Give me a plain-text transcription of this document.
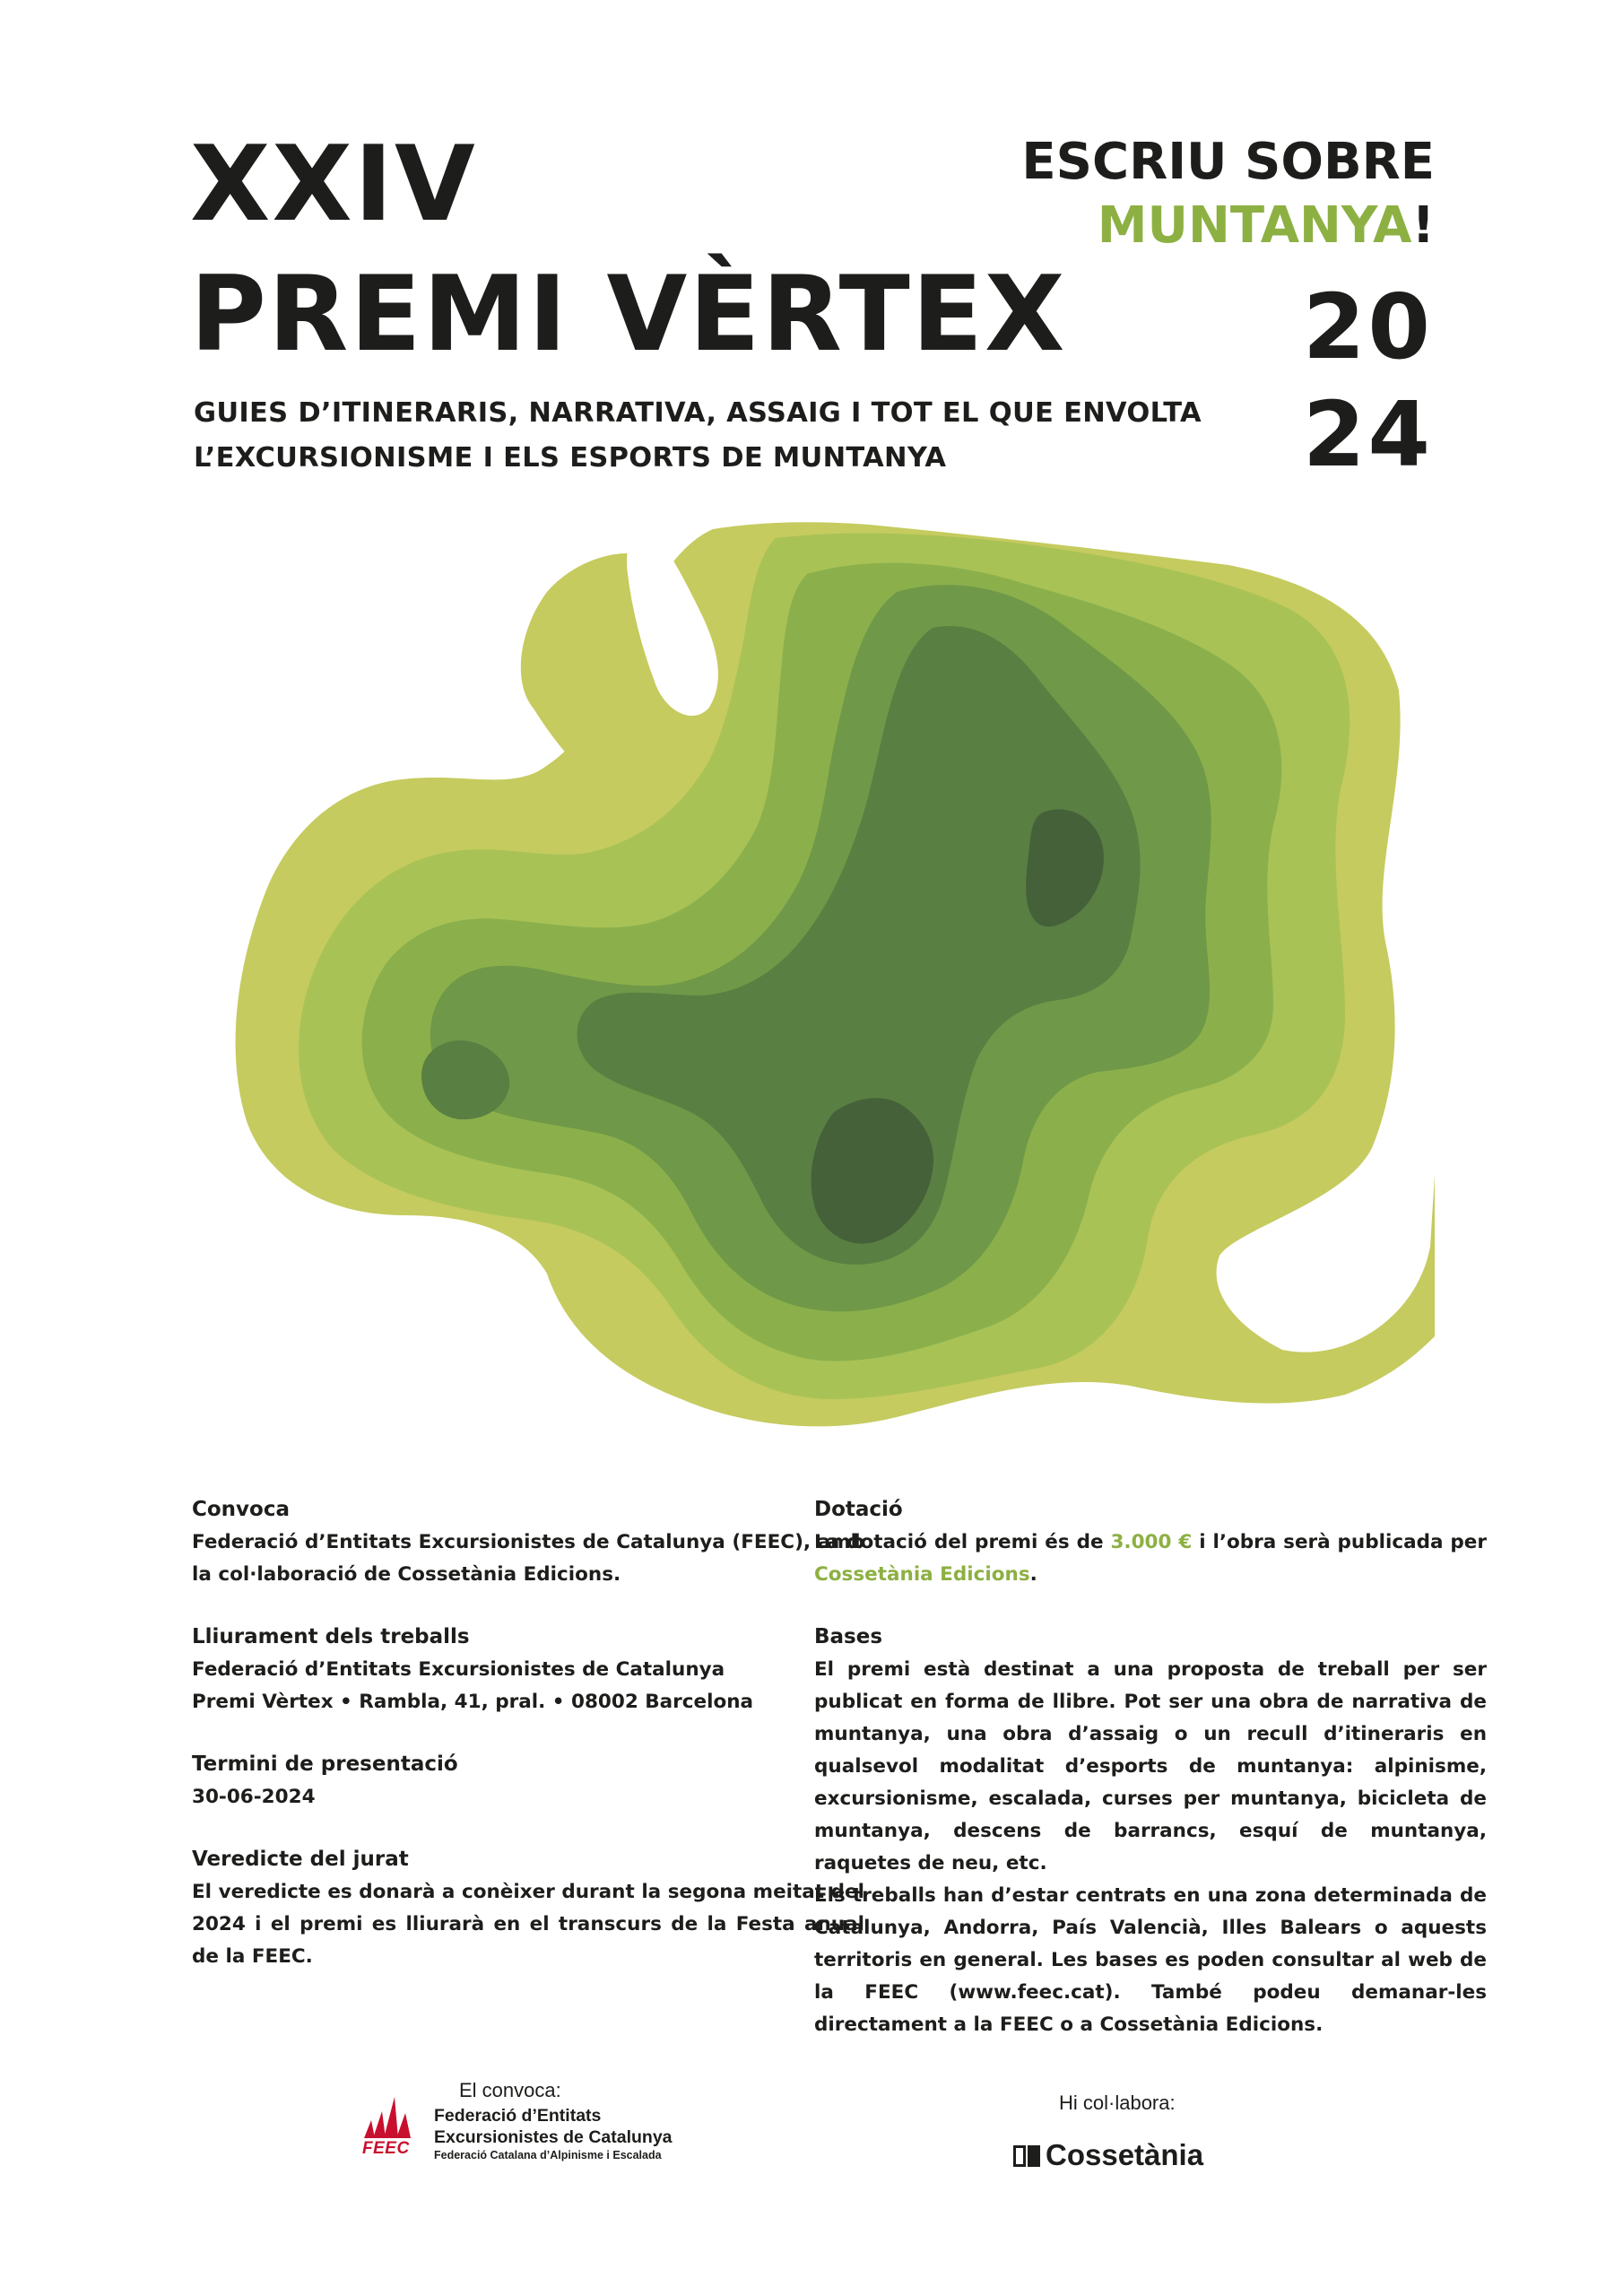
XXIV
PREMI VÈRTEX
GUIES D’ITINERARIS, NARRATIVA, ASSAIG I TOT EL QUE ENVOLTA
L’EXCURSIONISME I ELS ESPORTS DE MUNTANYA
ESCRIU SOBRE
MUNTANYA!
20
24
Convoca

Federació d’Entitats Excursionistes de Catalunya (FEEC), amb la col·laboració de Cossetània Edicions.

Lliurament dels treballs

Federació d’Entitats Excursionistes de Catalunya

Premi Vèrtex • Rambla, 41, pral. • 08002 Barcelona

Termini de presentació

30-06-2024

Veredicte del jurat

El veredicte es donarà a conèixer durant la segona meitat del 2024 i el premi es lliurarà en el transcurs de la Festa anual de la FEEC.

Dotació

La dotació del premi és de 3.000 € i l’obra serà publicada per Cossetània Edicions.

Bases

El premi està destinat a una proposta de treball per ser publicat en forma de llibre. Pot ser una obra de narrativa de muntanya, una obra d’assaig o un recull d’itineraris en qualsevol modalitat d’esports de muntanya: alpinisme, excursionisme, escalada, curses per muntanya, bicicleta de muntanya, descens de barrancs, esquí de muntanya, raquetes de neu, etc.

Els treballs han d’estar centrats en una zona determinada de Catalunya, Andorra, País Valencià, Illes Balears o aquests territoris en general. Les bases es poden consultar al web de la FEEC (www.feec.cat). També podeu demanar-les directament a la FEEC o a Cossetània Edicions.

El convoca:
FEEC
Federació d’Entitats
Excursionistes de Catalunya
Federació Catalana d’Alpinisme i Escalada
Hi col·labora:
Cossetània
